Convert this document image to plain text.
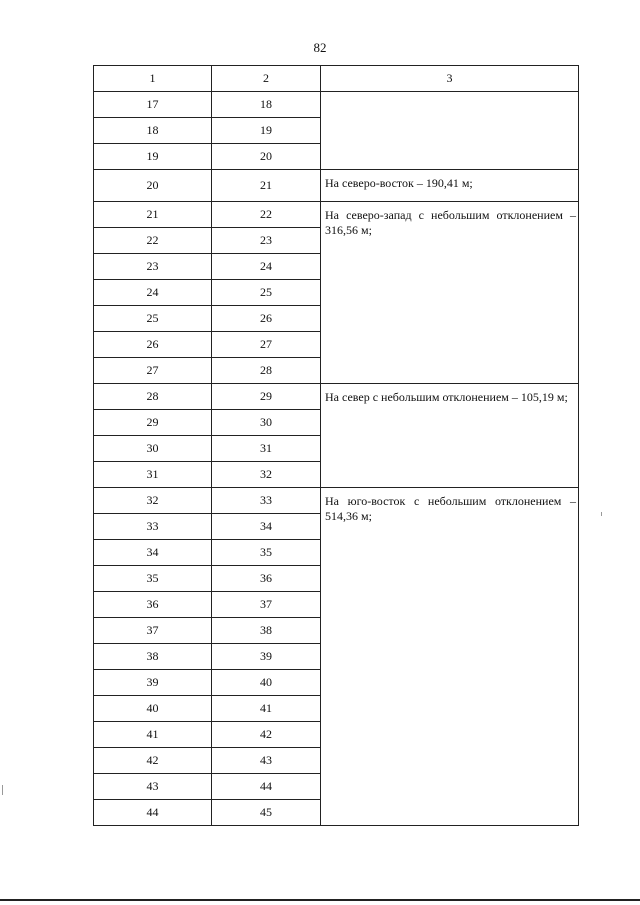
82
1	2	3
17	18	
18	19	
19	20	
20	21	На северо-восток – 190,41 м;
21	22	На северо-запад с небольшим отклонением – 316,56 м;
22	23	
23	24	
24	25	
25	26	
26	27	
27	28	
28	29	На север с небольшим отклонением – 105,19 м;
29	30	
30	31	
31	32	
32	33	На юго-восток с небольшим отклонением – 514,36 м;
33	34	
34	35	
35	36	
36	37	
37	38	
38	39	
39	40	
40	41	
41	42	
42	43	
43	44	
44	45	
